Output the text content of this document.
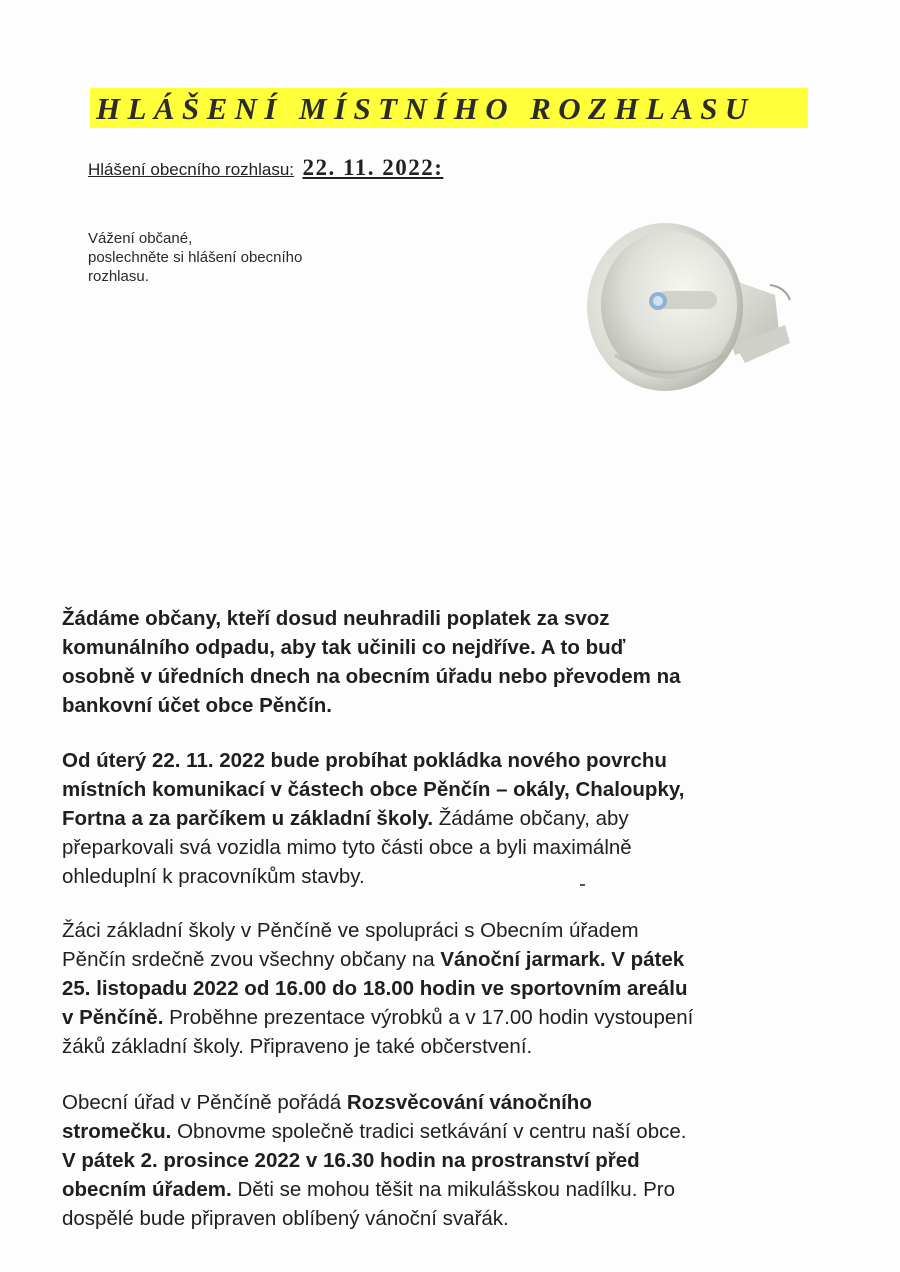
HLÁŠENÍ MÍSTNÍHO ROZHLASU
Hlášení obecního rozhlasu: 22. 11. 2022:
Vážení občané,
poslechněte si hlášení obecního
rozhlasu.
Žádáme občany, kteří dosud neuhradili poplatek za svoz
komunálního odpadu, aby tak učinili co nejdříve. A to buď
osobně v úředních dnech na obecním úřadu nebo převodem na
bankovní účet obce Pěnčín.
Od úterý 22. 11. 2022 bude probíhat pokládka nového povrchu
místních komunikací v částech obce Pěnčín – okály, Chaloupky,
Fortna a za parčíkem u základní školy. Žádáme občany, aby
přeparkovali svá vozidla mimo tyto části obce a byli maximálně
ohleduplní k pracovníkům stavby.
Žáci základní školy v Pěnčíně ve spolupráci s Obecním úřadem
Pěnčín srdečně zvou všechny občany na Vánoční jarmark. V pátek
25. listopadu 2022 od 16.00 do 18.00 hodin ve sportovním areálu
v Pěnčíně. Proběhne prezentace výrobků a v 17.00 hodin vystoupení
žáků základní školy. Připraveno je také občerstvení.
Obecní úřad v Pěnčíně pořádá Rozsvěcování vánočního
stromečku. Obnovme společně tradici setkávání v centru naší obce.
V pátek 2. prosince 2022 v 16.30 hodin na prostranství před
obecním úřadem. Děti se mohou těšit na mikulášskou nadílku. Pro
dospělé bude připraven oblíbený vánoční svařák.
